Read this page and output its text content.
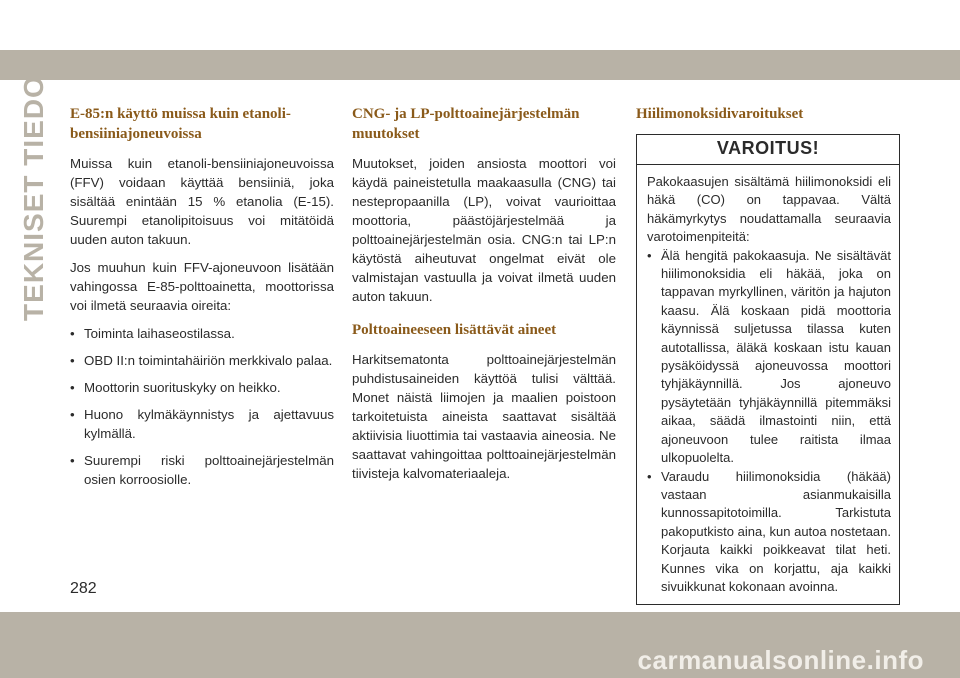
TEKNISET TIEDOT E-85:n käyttö muissa kuin etanoli-bensiiniajoneuvoissa

Muissa kuin etanoli-bensiiniajoneuvoissa (FFV) voidaan käyttää bensiiniä, joka sisältää enintään 15 % etanolia (E-15). Suurempi etanolipitoisuus voi mitätöidä uuden auton takuun.

Jos muuhun kuin FFV-ajoneuvoon lisätään vahingossa E-85-polttoainetta, moottorissa voi ilmetä seuraavia oireita:

• Toiminta laihaseostilassa.
• OBD II:n toimintahäiriön merkkivalo palaa.
• Moottorin suorituskyky on heikko.
• Huono kylmäkäynnistys ja ajettavuus kylmällä.
• Suurempi riski polttoainejärjestelmän osien korroosiolle.
CNG- ja LP-polttoainejärjestelmän muutokset

Muutokset, joiden ansiosta moottori voi käydä paineistetulla maakaasulla (CNG) tai nestepropaanilla (LP), voivat vaurioittaa moottoria, päästöjärjestelmää ja polttoainejärjestelmän osia. CNG:n tai LP:n käytöstä aiheutuvat ongelmat eivät ole valmistajan vastuulla ja voivat ilmetä uuden auton takuun.

Polttoaineeseen lisättävät aineet

Harkitsematonta polttoainejärjestelmän puhdistusaineiden käyttöä tulisi välttää. Monet näistä liimojen ja maalien poistoon tarkoitetuista aineista saattavat sisältää aktiivisia liuottimia tai vastaavia aineosia. Ne saattavat vahingoittaa polttoainejärjestelmän tiivisteja kalvomateriaaleja.

Hiilimonoksidivaroitukset
VAROITUS!

Pakokaasujen sisältämä hiilimonoksidi eli häkä (CO) on tappavaa. Vältä häkämyrkytys noudattamalla seuraavia varotoimenpiteitä:

• Älä hengitä pakokaasuja. Ne sisältävät hiilimonoksidia eli häkää, joka on tappavan myrkyllinen, väritön ja hajuton kaasu. Älä koskaan pidä moottoria käynnissä suljetussa tilassa kuten autotallissa, äläkä koskaan istu kauan pysäköidyssä ajoneuvossa moottori tyhjäkäynnillä. Jos ajoneuvo pysäytetään tyhjäkäynnillä pitemmäksi aikaa, säädä ilmastointi niin, että ajoneuvoon tulee raitista ilmaa ulkopuolelta.
• Varaudu hiilimonoksidia (häkää) vastaan asianmukaisilla kunnossapitotoimilla. Tarkistuta pakoputkisto aina, kun autoa nostetaan. Korjauta kaikki poikkeavat tilat heti. Kunnes vika on korjattu, aja kaikki sivuikkunat kokonaan avoinna.
282
carmanualsonline.info
